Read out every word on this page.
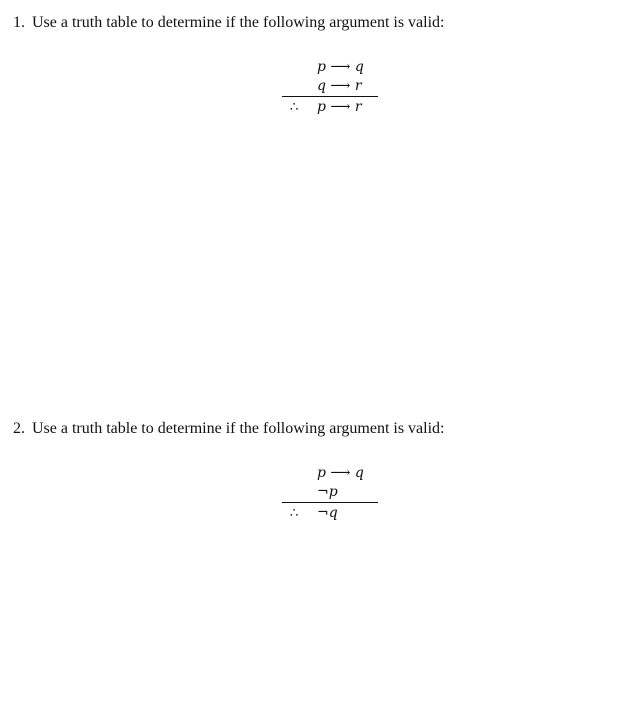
1. Use a truth table to determine if the following argument is valid:
p ⟶ q
q ⟶ r
∴ p ⟶ r
2. Use a truth table to determine if the following argument is valid:
p ⟶ q
¬p
∴ ¬q
